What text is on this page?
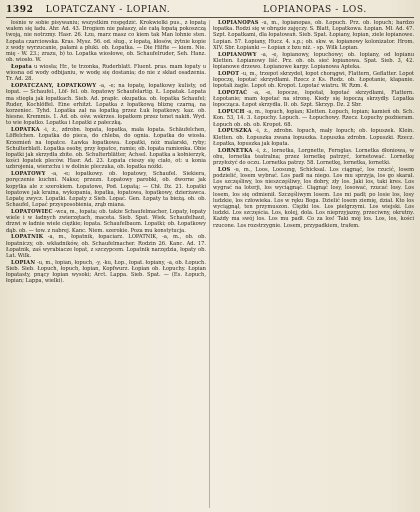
1392	LOPATCZANY - LOPIAN.	LOPIANOPAS - LOS.

łośnie w sobie pisywaniu; wszystkim rospędzić. Krokwielki pus., z łopatą wałem się ładu. Ahr. Ad. 43. Drogiem nie pałaszy, ale całą łopatą pokoszczą twoją, nie notrzmy. Hasr. 26. Łzu, marz masz co kiem tak Man lohnie sten. Łopata czarciowska. Kras. Mysz. 56. od. sług., z łopatą, kłosów, żytnie kopie z wody wyrzucanie, pałami a płuki. ob. Łopatka. — Die Hilfte — kiem. Nie. mię - W. 23.; zrazu, b) to. Lopatka wiosłowe, ob. Schaufelruder, Seh. Hanz. ob. wiosło. W.

Łopata u wiosła; Hr., te trzonka, Ruderblatt. Fluent. pras. mam łopaty u wiosna od wody odbijaniu, w wodę się dostania; do nie z skład osadzenia. Tr. Ad. 28.

ŁOPATCZANY, ŁOPATKOWY -a, -e; na łopatę, łopatkowy kulisty, od łopat. — Schaufel., Löf- fel. ob. łopatowy Schaufelartig. Ł. Lopatak. Lopata ma stiegła jak łopatkach. Sieb. Ad. prapłc. okupatka. ob. łopatka Schaufel; Ruder, Kochlöffel. Eine erhitzt. Lopatka z łopatkową bliznę czarną, na korzeniec. Tyhd. Lopatka zał na łopatką przez Łuk łopatkowy. kaz. ob. hiesne. Kremmis. 1. Ad. ob. ośw. wskrzes. łopatkem przez tenet nakiń. Wyd. to wie łopatko. Lopatka i Łopatki z pałeczką.

LOPATKA -i, ż., zdrobn. łopata, łopatka, mała łopata. Schäufelchen, Löffelchen. Łopatka do pieca, do chleba, do ognia. Łopatka do wiosła. Krzemień na łopatce. Ławka łopatkowa. Łopatki, nóż malarski, ryby; Schulterblatt. Łopatka osoby, przy łopatce, ramie; ob. łopata ramionka. Obie łopatki jak skrzydła zbite. ob. Schulterblätter, Achsel. Łopatka a kołnierzyk, kości łopatek pleców. Hasr. Ad. 23. Łopata cieszy się ciało, ot: u konia uzbrojenia, wierzchu i w dolinie pleczuka, ob. łopatka nóżki.

LOPATOWY -a, -e; łopatkowy. ob. łopatowy, Schaufel. Siekiera, poręczenie kuchni. Naksz; przezn. Łopatowy parobki, ob. dworne jak kopytka ale z szerokiem. Łopatowe, Pod. Lopatą; — Chł. Dz. 21. Łopatki łopatowe jak kraina, wykopania, łopatka, łopatowa, łopatkowy, dzierżawca. Lopatę zwycz. Lopatki. Łopaty z Sieb. Lopać. Gen. Łopaty ta bieżą. ob. ob. Schaufel, Lopać przysposobienia, zrąb miana.

LOPATOWIEC -wca, m., łopata; ob. także Schaufelmacher, Lopaty, łopaty wiele i w ładnych zwierzętach, maceta. Sieb. Spat. Wiek. Schaufelhaut, drzwi w ładnie wiele ciężkie; łopata. Schaufelbaum. Lopatki; ob. Łopatkowy dąb. ob. — tow. z nabrej. Kanc. Niem. szerokie. Poza mu konstytucja.

LOPATNIK -a, m., łopatnik, łopaciarz. LOPATNIK, -a, m., ob. ob. łopatniczy, ob. wkładników, ob. Schaufelmacher. Rodzin 26. Kanc. Ad. 17. Łopatnik, zaś wyrabiacze łopat, z szczypcem. Lopatnik narzędzia, łopaty ob. Lat. Wilk.

LOPIAN -u, m., łopian, łopuch, -y, -ku, Łop., łopat. łopiany, -a, ob. Łopuch. Sieb. Sieb. Łopuch, łopuch, łopian, Kopfwurz. Łopian ob. Łopuchy. Łopian łopatasty, pnący łopian wysoki; Arct. Lappa. Sieb. Spat. — (Es. Łopuch, łopian; Lappa, wielki).

LOPIANOPAS -u, m., łopianopas, ob. Łopuch. Prz. ob. łopuch; bardzo łopatka. Rodzi się w obrązie zajęczy. S. Blatt, Lopatkowa. Łopian. Mł. Ad. 47. Szpt. Łopatkami, dla łopatowań. Sieb. Spat. Łopiany, łopian, ziele łopianowe. Lopian. 57. Łopiany, Hucz. 4. s.p.; ob. skw. w. łopianowy kolonizator. Hrom. XIV. Sbr. Łopianki — Łopian z bzu niż. - sp. Wilk Lopian.

LOPIANOWY -a, -e, łopianowy, łopuchowy; ob. łopiany, od łopianu Kletten. Łopianowy liść. Prz. ob. ob. sieć łopianowa. Spat. Sieb. 3, 42. łopianowe drzewo. Łopianowe karpy. Lopianowa Apteka.

LOPOT -u, m., trzepot skrzydeł, łopot chorągwi, Flattern, Geflatter. Lopot łopoczę, łopotać skrzydłami. Rzecz z Ks. Rodz. ob. Łopotanie, klapanie. łopotali żagle. Lopot ob. Kropot. Lopotać wiatru. W. Rzm. 4.

LOPOTAĆ -a, -e, łopocze, łopotał, łopotać skrzydłami, Flattern. Łopotanie; mam łopotać na stronę. Kiedy się łopoczą skrzydły. Lopatka łopocząca. Łopot skrzydła. Ił. ob. Szpt. Skrzyp. Dz. 2 Sbr.

LOPUCH -a, m., łopuch, łopian; Kletten. Łopuch, łopian; kamień ob. Sch. Kon. 53, 14. 3. Łopuchy. Lopuch. — Łopuchowy. Rzecz. Łopuchy pozbieram. Łopuch ob. ob. ob. Kropot. 68.

LOPUSZKA -i, ż., zdrobn. łopuch, mały łopuch; ob. łopuszek. Klein. Kletten. ob. Łopuszka zwana łopuszka. Łopuszka zdrobn. Lopuszki. Rzecz. Łopatka, łopuszka jak łopata.

LORNETKA -i, ż., lornetka, Lorgnette, Fernglas. Lornetka dłoniowa, w obu, lornetka teatralna; przez lornetkę patrzyć, lornetować. Lornetkę przyłożyć do oczu. Lornetka patrzy. 58. Lornetkę, lornetka, lornetki.

LOS -u, m., Loos, Loosung, Schicksal. Los ciągnąć, los rzucić, losem podzielić, losem wybrać. Los padł na niego. Los mu sprzyja, los go skarał. Los szczęśliwy, los nieszczęśliwy, los dobry, zły los. Jaki los, taki kres. Los wygrać na loterji, los wyciągnąć. Ciągnąć losy, losować, rzucać losy. Los losem, los się odmienił. Szczęśliwym losem. Los mi padł; po losie los, losy ludzkie, los człowieka. Los w ręku Boga. Dzielić losem ziemię, dział. Kto los wyciągnął, ten przymuszon. Ciężki los. Los pielgrzymi. Los wiejski. Los ludzki. Los szczęścia. Los, kolej, dola. Los nieprzyjazny, przeciwny, okrutny. Każdy ma swój los. Los mu padł. Co za los! Taki mój los. Los, los, kości rzucone. Los rozstrzygnie. Losem, przypadkiem, trafem.
